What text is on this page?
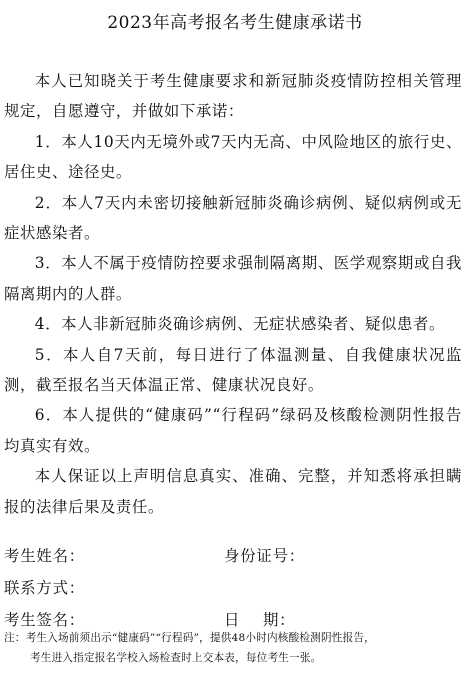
2023年高考报名考生健康承诺书

本人已知晓关于考生健康要求和新冠肺炎疫情防控相关管理规定，自愿遵守，并做如下承诺：

1．本人10天内无境外或7天内无高、中风险地区的旅行史、居住史、途径史。

2．本人7天内未密切接触新冠肺炎确诊病例、疑似病例或无症状感染者。

3．本人不属于疫情防控要求强制隔离期、医学观察期或自我隔离期内的人群。

4．本人非新冠肺炎确诊病例、无症状感染者、疑似患者。

5．本人自7天前，每日进行了体温测量、自我健康状况监测，截至报名当天体温正常、健康状况良好。

6．本人提供的“健康码”“行程码”绿码及核酸检测阴性报告均真实有效。

本人保证以上声明信息真实、准确、完整，并知悉将承担瞒报的法律后果及责任。

考生姓名：	身份证号：
联系方式：
考生签名：	日    期：
注：考生入场前须出示“健康码”“行程码”，提供48小时内核酸检测阴性报告，
考生进入指定报名学校入场检查时上交本表，每位考生一张。
